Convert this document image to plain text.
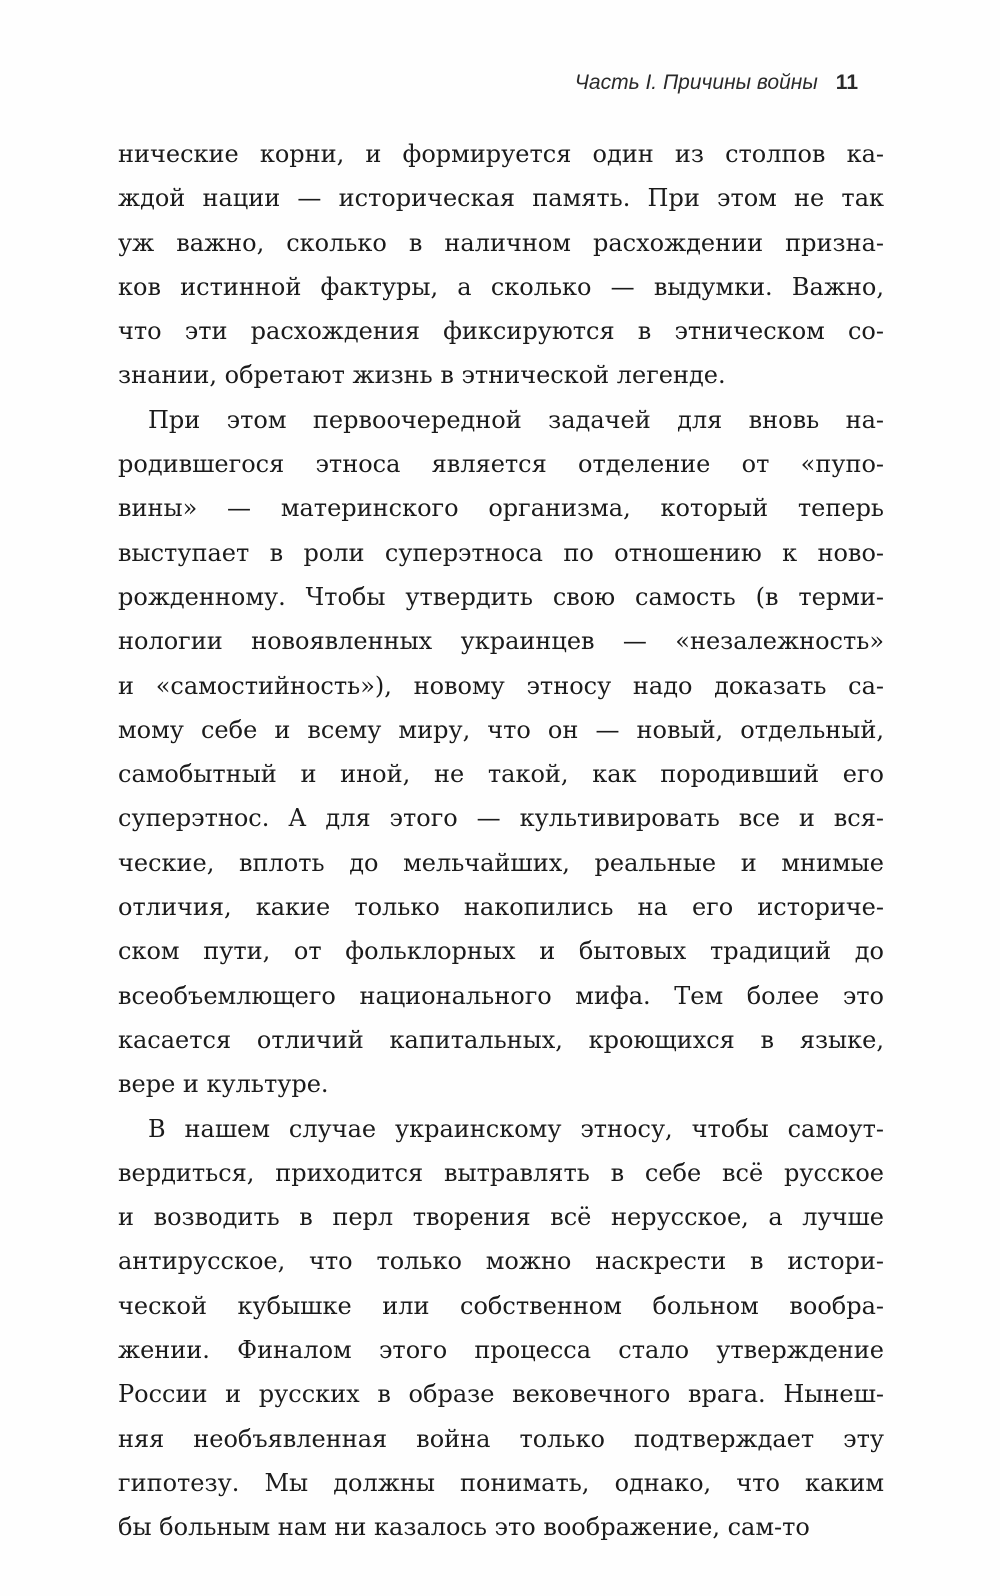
Часть I. Причины войны 11
нические корни, и формируется один из столпов ка-
ждой нации — историческая память. При этом не так
уж важно, сколько в наличном расхождении призна-
ков истинной фактуры, а сколько — выдумки. Важно,
что эти расхождения фиксируются в этническом со-
знании, обретают жизнь в этнической легенде.
При этом первоочередной задачей для вновь на-
родившегося этноса является отделение от «пупо-
вины» — материнского организма, который теперь
выступает в роли суперэтноса по отношению к ново-
рожденному. Чтобы утвердить свою самость (в терми-
нологии новоявленных украинцев — «незалежность»
и «самостийность»), новому этносу надо доказать са-
мому себе и всему миру, что он — новый, отдельный,
самобытный и иной, не такой, как породивший его
суперэтнос. А для этого — культивировать все и вся-
ческие, вплоть до мельчайших, реальные и мнимые
отличия, какие только накопились на его историче-
ском пути, от фольклорных и бытовых традиций до
всеобъемлющего национального мифа. Тем более это
касается отличий капитальных, кроющихся в языке,
вере и культуре.
В нашем случае украинскому этносу, чтобы самоут-
вердиться, приходится вытравлять в себе всё русское
и возводить в перл творения всё нерусское, а лучше
антирусское, что только можно наскрести в истори-
ческой кубышке или собственном больном вообра-
жении. Финалом этого процесса стало утверждение
России и русских в образе вековечного врага. Нынеш-
няя необъявленная война только подтверждает эту
гипотезу. Мы должны понимать, однако, что каким
бы больным нам ни казалось это воображение, сам-то
